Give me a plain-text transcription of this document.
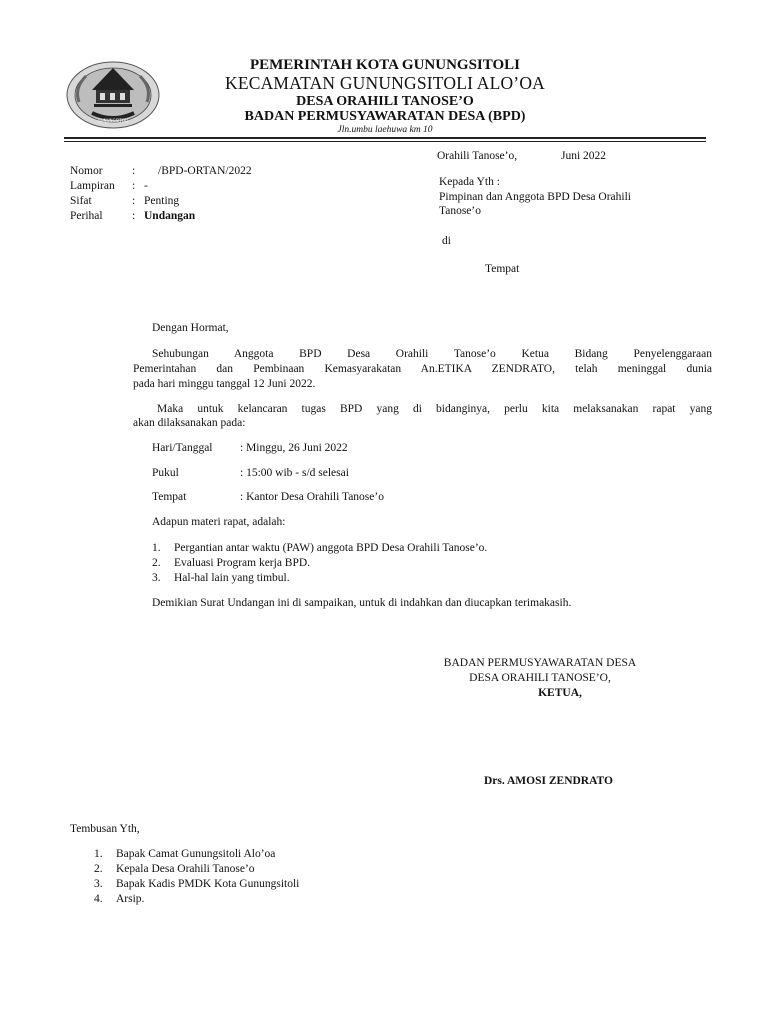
GUNUNGSITOLI
PEMERINTAH KOTA GUNUNGSITOLI
KECAMATAN GUNUNGSITOLI ALO’OA
DESA ORAHILI TANOSE’O
BADAN PERMUSYAWARATAN DESA (BPD)
Jln.umbu laehuwa km 10
Orahili Tanose’o,	Juni 2022
Nomor	: /BPD-ORTAN/2022
Lampiran : -
Sifat	: Penting
Perihal	: Undangan
Kepada Yth :
Pimpinan dan Anggota BPD Desa Orahili
Tanose’o
di
Tempat
Dengan Hormat,
Sehubungan Anggota BPD Desa Orahili Tanose’o Ketua Bidang Penyelenggaraan
Pemerintahan dan Pembinaan Kemasyarakatan An.ETIKA ZENDRATO, telah meninggal dunia
pada hari minggu tanggal 12 Juni 2022.
Maka untuk kelancaran tugas BPD yang di bidanginya, perlu kita melaksanakan rapat yang
akan dilaksanakan pada:
Hari/Tanggal : Minggu, 26 Juni 2022
Pukul	: 15:00 wib - s/d selesai
Tempat	: Kantor Desa Orahili Tanose’o
Adapun materi rapat, adalah:
1. Pergantian antar waktu (PAW) anggota BPD Desa Orahili Tanose’o.
2. Evaluasi Program kerja BPD.
3. Hal-hal lain yang timbul.
Demikian Surat Undangan ini di sampaikan, untuk di indahkan dan diucapkan terimakasih.
BADAN PERMUSYAWARATAN DESA
DESA ORAHILI TANOSE’O,
KETUA,
Drs. AMOSI ZENDRATO
Tembusan Yth,
1. Bapak Camat Gunungsitoli Alo’oa
2. Kepala Desa Orahili Tanose’o
3. Bapak Kadis PMDK Kota Gunungsitoli
4. Arsip.
